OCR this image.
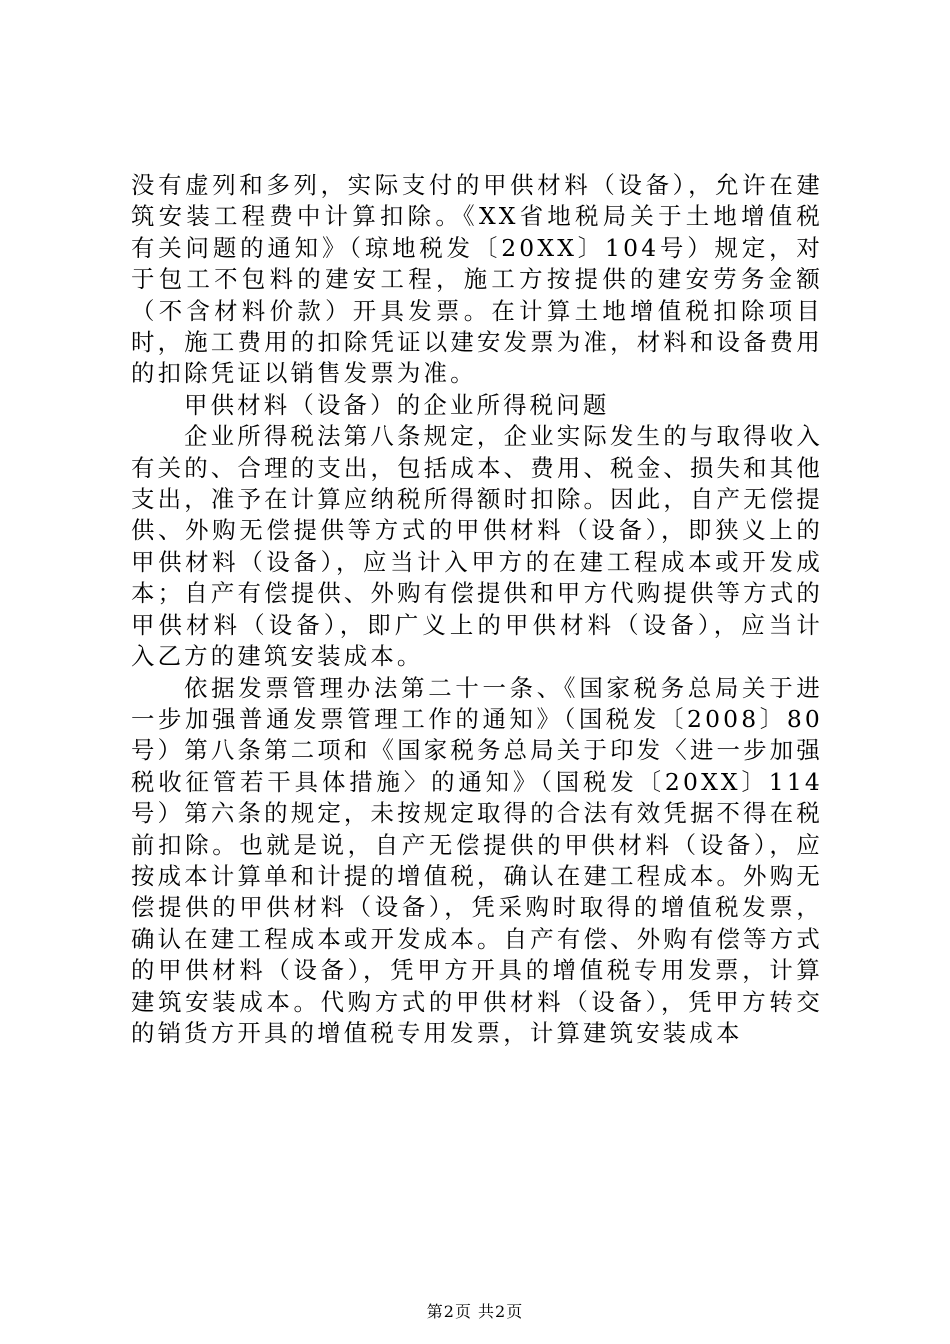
没有虚列和多列，实际支付的甲供材料（设备），允许在建筑安装工程费中计算扣除。《XX省地税局关于土地增值税有关问题的通知》（琼地税发〔20XX〕104号）规定，对于包工不包料的建安工程，施工方按提供的建安劳务金额（不含材料价款）开具发票。在计算土地增值税扣除项目时，施工费用的扣除凭证以建安发票为准，材料和设备费用的扣除凭证以销售发票为准。

甲供材料（设备）的企业所得税问题

企业所得税法第八条规定，企业实际发生的与取得收入有关的、合理的支出，包括成本、费用、税金、损失和其他支出，准予在计算应纳税所得额时扣除。因此，自产无偿提供、外购无偿提供等方式的甲供材料（设备），即狭义上的甲供材料（设备），应当计入甲方的在建工程成本或开发成本；自产有偿提供、外购有偿提供和甲方代购提供等方式的甲供材料（设备），即广义上的甲供材料（设备），应当计入乙方的建筑安装成本。

依据发票管理办法第二十一条、《国家税务总局关于进一步加强普通发票管理工作的通知》（国税发〔2008〕80号）第八条第二项和《国家税务总局关于印发〈进一步加强税收征管若干具体措施〉的通知》（国税发〔20XX〕114号）第六条的规定，未按规定取得的合法有效凭据不得在税前扣除。也就是说，自产无偿提供的甲供材料（设备），应按成本计算单和计提的增值税，确认在建工程成本。外购无偿提供的甲供材料（设备），凭采购时取得的增值税发票，确认在建工程成本或开发成本。自产有偿、外购有偿等方式的甲供材料（设备），凭甲方开具的增值税专用发票，计算建筑安装成本。代购方式的甲供材料（设备），凭甲方转交的销货方开具的增值税专用发票，计算建筑安装成本

第2页 共2页
